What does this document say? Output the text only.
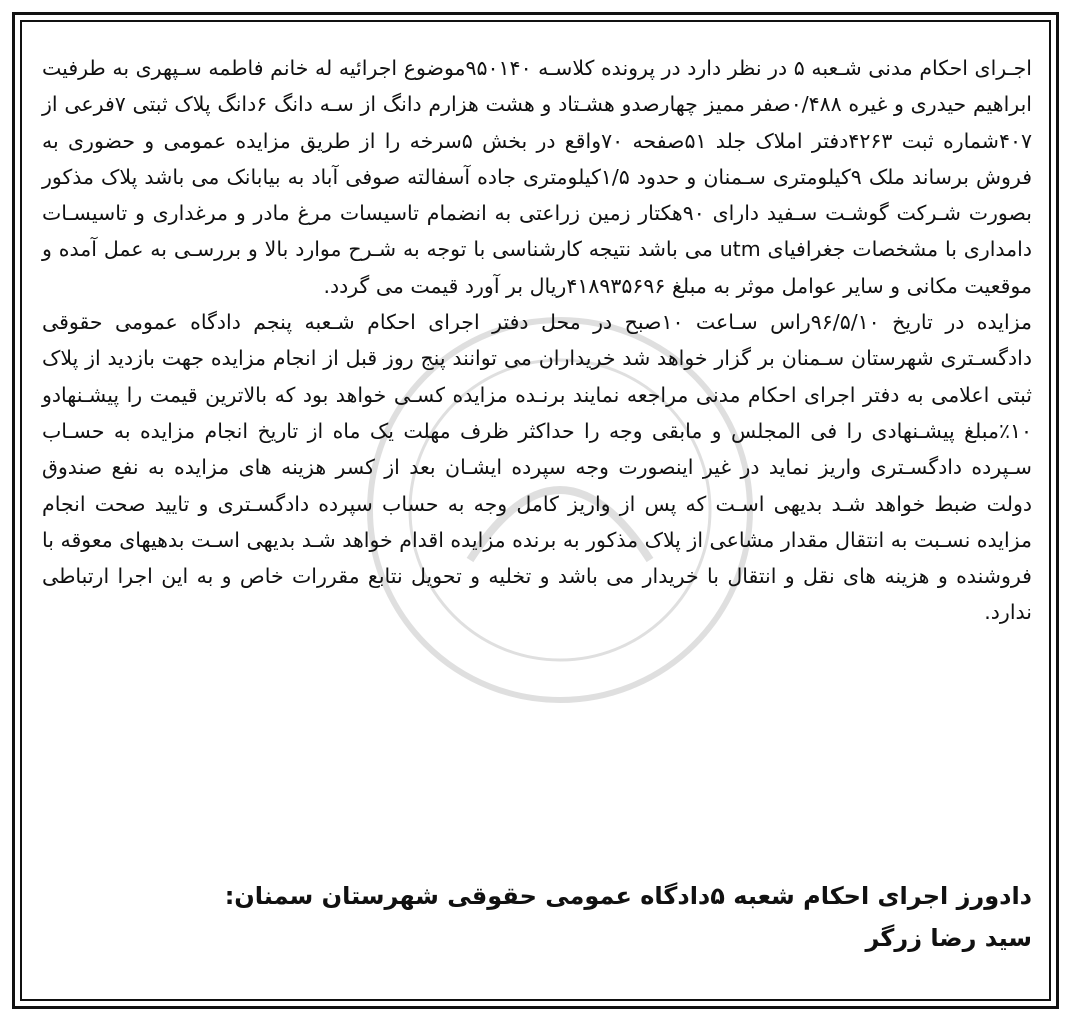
اجـرای احکام مدنی شـعبه ۵ در نظر دارد در پرونده کلاسـه ۹۵۰۱۴۰موضوع اجرائیه له خانم فاطمه سـپهری به طرفیت ابراهیم حیدری و غیره ۰/۴۸۸صفر ممیز چهارصدو هشـتاد و هشت هزارم دانگ از سـه دانگ ۶دانگ پلاک ثبتی ۷فرعی از ۴۰۷شماره ثبت ۴۲۶۳دفتر املاک جلد ۵۱صفحه ۷۰واقع در بخش ۵سرخه را از طریق مزایده عمومی و حضوری به فروش برساند ملک ۹کیلومتری سـمنان و حدود ۱/۵کیلومتری جاده آسفالته صوفی آباد به بیابانک می باشد پلاک مذکور بصورت شـرکت گوشـت سـفید دارای ۹۰هکتار زمین زراعتی به انضمام تاسیسات مرغ مادر و مرغداری و تاسیسـات دامداری با مشخصات جغرافیای utm می باشد نتیجه کارشناسی با توجه به شـرح موارد بالا و بررسـی به عمل آمده و موقعیت مکانی و سایر عوامل موثر به مبلغ ۴۱۸۹۳۵۶۹۶ریال بر آورد قیمت می گردد.

مزایده در تاریخ ۹۶/۵/۱۰راس سـاعت ۱۰صبح در محل دفتر اجرای احکام شـعبه پنجم دادگاه عمومی حقوقی دادگسـتری شهرستان سـمنان بر گزار خواهد شد خریداران می توانند پنج روز قبل از انجام مزایده جهت بازدید از پلاک ثبتی اعلامی به دفتر اجرای احکام مدنی مراجعه نمایند برنـده مزایده کسـی خواهد بود که بالاترین قیمت را پیشـنهادو ۱۰٪مبلغ پیشـنهادی را فی المجلس و مابقی وجه را حداکثر ظرف مهلت یک ماه از تاریخ انجام مزایده به حسـاب سـپرده دادگسـتری واریز نماید در غیر اینصورت وجه سپرده ایشـان بعد از کسر هزینه های مزایده به نفع صندوق دولت ضبط خواهد شـد بدیهی اسـت که پس از واریز کامل وجه به حساب سپرده دادگسـتری و تایید صحت انجام مزایده نسـبت به انتقال مقدار مشاعی از پلاک مذکور به برنده مزایده اقدام خواهد شـد بدیهی اسـت بدهیهای معوقه با فروشنده و هزینه های نقل و انتقال با خریدار می باشد و تخلیه و تحویل نتابع مقررات خاص و به این اجرا ارتباطی ندارد.

دادورز اجرای احکام شعبه ۵دادگاه عمومی حقوقی شهرستان سمنان:
سید رضا زرگر
